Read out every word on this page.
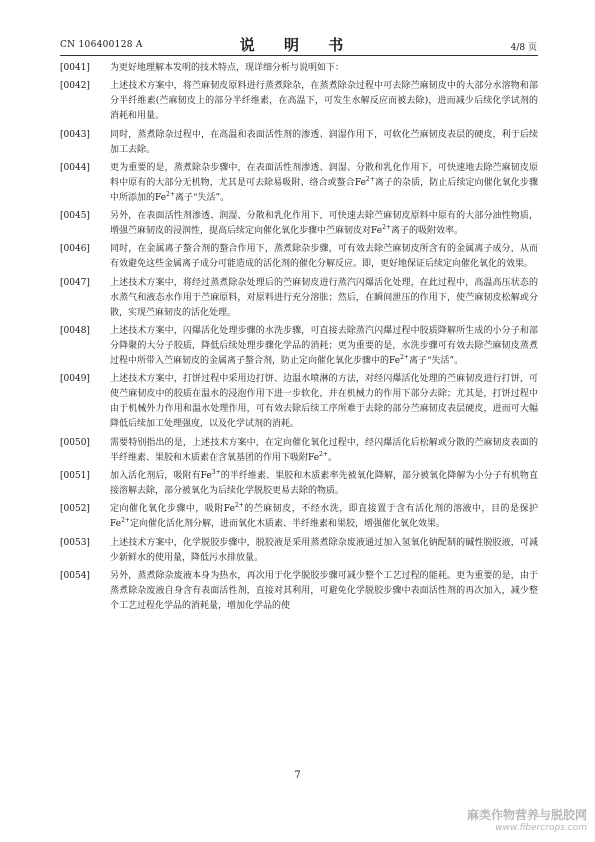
CN 106400128 A	说 明 书	4/8 页
[0041]	为更好地理解本发明的技术特点，现详细分析与说明如下：
[0042]	上述技术方案中，将苎麻韧皮原料进行蒸煮除杂，在蒸煮除杂过程中可去除苎麻韧皮中的大部分水溶物和部分半纤维素(苎麻韧皮上的部分半纤维素，在高温下，可发生水解反应而被去除)，进而减少后续化学试剂的消耗和用量。
[0043]	同时，蒸煮除杂过程中，在高温和表面活性剂的渗透、润湿作用下，可软化苎麻韧皮表层的硬皮，利于后续加工去除。
[0044]	更为重要的是，蒸煮除杂步骤中，在表面活性剂渗透、润湿、分散和乳化作用下，可快速地去除苎麻韧皮原料中原有的大部分无机物，尤其是可去除易吸附、络合或螯合$Fe^{2+}$离子的杂质，防止后续定向催化氧化步骤中所添加的$Fe^{2+}$离子“失活”。
[0045]	另外，在表面活性剂渗透、润湿、分散和乳化作用下，可快速去除苎麻韧皮原料中原有的大部分油性物质，增强苎麻韧皮的浸润性，提高后续定向催化氧化步骤中苎麻韧皮对$Fe^{2+}$离子的吸附效率。
[0046]	同时，在金属离子螯合剂的螯合作用下，蒸煮除杂步骤，可有效去除苎麻韧皮所含有的金属离子成分，从而有效避免这些金属离子成分可能造成的活化剂的催化分解反应。即，更好地保证后续定向催化氧化的效果。
[0047]	上述技术方案中，将经过蒸煮除杂处理后的苎麻韧皮进行蒸汽闪爆活化处理，在此过程中，高温高压状态的水蒸气和液态水作用于苎麻原料，对原料进行充分溶胀；然后，在瞬间泄压的作用下，使苎麻韧皮松解或分散，实现苎麻韧皮的活化处理。
[0048]	上述技术方案中，闪爆活化处理步骤的水洗步骤，可直接去除蒸汽闪爆过程中胶质降解所生成的小分子和部分降聚的大分子胶质，降低后续处理步骤化学品的消耗；更为重要的是，水洗步骤可有效去除苎麻韧皮蒸煮过程中所带入苎麻韧皮的金属离子螯合剂，防止定向催化氧化步骤中的$Fe^{2+}$离子“失活”。
[0049]	上述技术方案中，打饼过程中采用边打饼、边温水喷淋的方法，对经闪爆活化处理的苎麻韧皮进行打饼，可使苎麻韧皮中的胶质在温水的浸泡作用下进一步软化，并在机械力的作用下部分去除；尤其是，打饼过程中由于机械外力作用和温水处理作用，可有效去除后续工序所难于去除的部分苎麻韧皮表层硬皮，进而可大幅降低后续加工处理强度，以及化学试剂的消耗。
[0050]	需要特别指出的是，上述技术方案中，在定向催化氧化过程中，经闪爆活化后松解或分散的苎麻韧皮表面的半纤维素、果胶和木质素在含氧基团的作用下吸附$Fe^{2+}$。
[0051]	加入活化剂后，吸附有$Fe^{3+}$的半纤维素、果胶和木质素率先被氧化降解，部分被氧化降解为小分子有机物直接溶解去除，部分被氧化为后续化学脱胶更易去除的物质。
[0052]	定向催化氧化步骤中，吸附$Fe^{2+}$的苎麻韧皮，不经水洗，即直接置于含有活化剂的溶液中，目的是保护$Fe^{2+}$定向催化活化剂分解，进而氧化木质素、半纤维素和果胶，增强催化氧化效果。
[0053]	上述技术方案中，化学脱胶步骤中，脱胶液是采用蒸煮除杂废液通过加入氢氧化钠配制的碱性脱胶液，可减少新鲜水的使用量，降低污水排放量。
[0054]	另外，蒸煮除杂废液本身为热水，再次用于化学脱胶步骤可减少整个工艺过程的能耗。更为重要的是，由于蒸煮除杂废液自身含有表面活性剂，直接对其利用，可避免化学脱胶步骤中表面活性剂的再次加入，减少整个工艺过程化学品的消耗量，增加化学品的使
7
麻类作物营养与脱胶网
www.fibercrops.com
